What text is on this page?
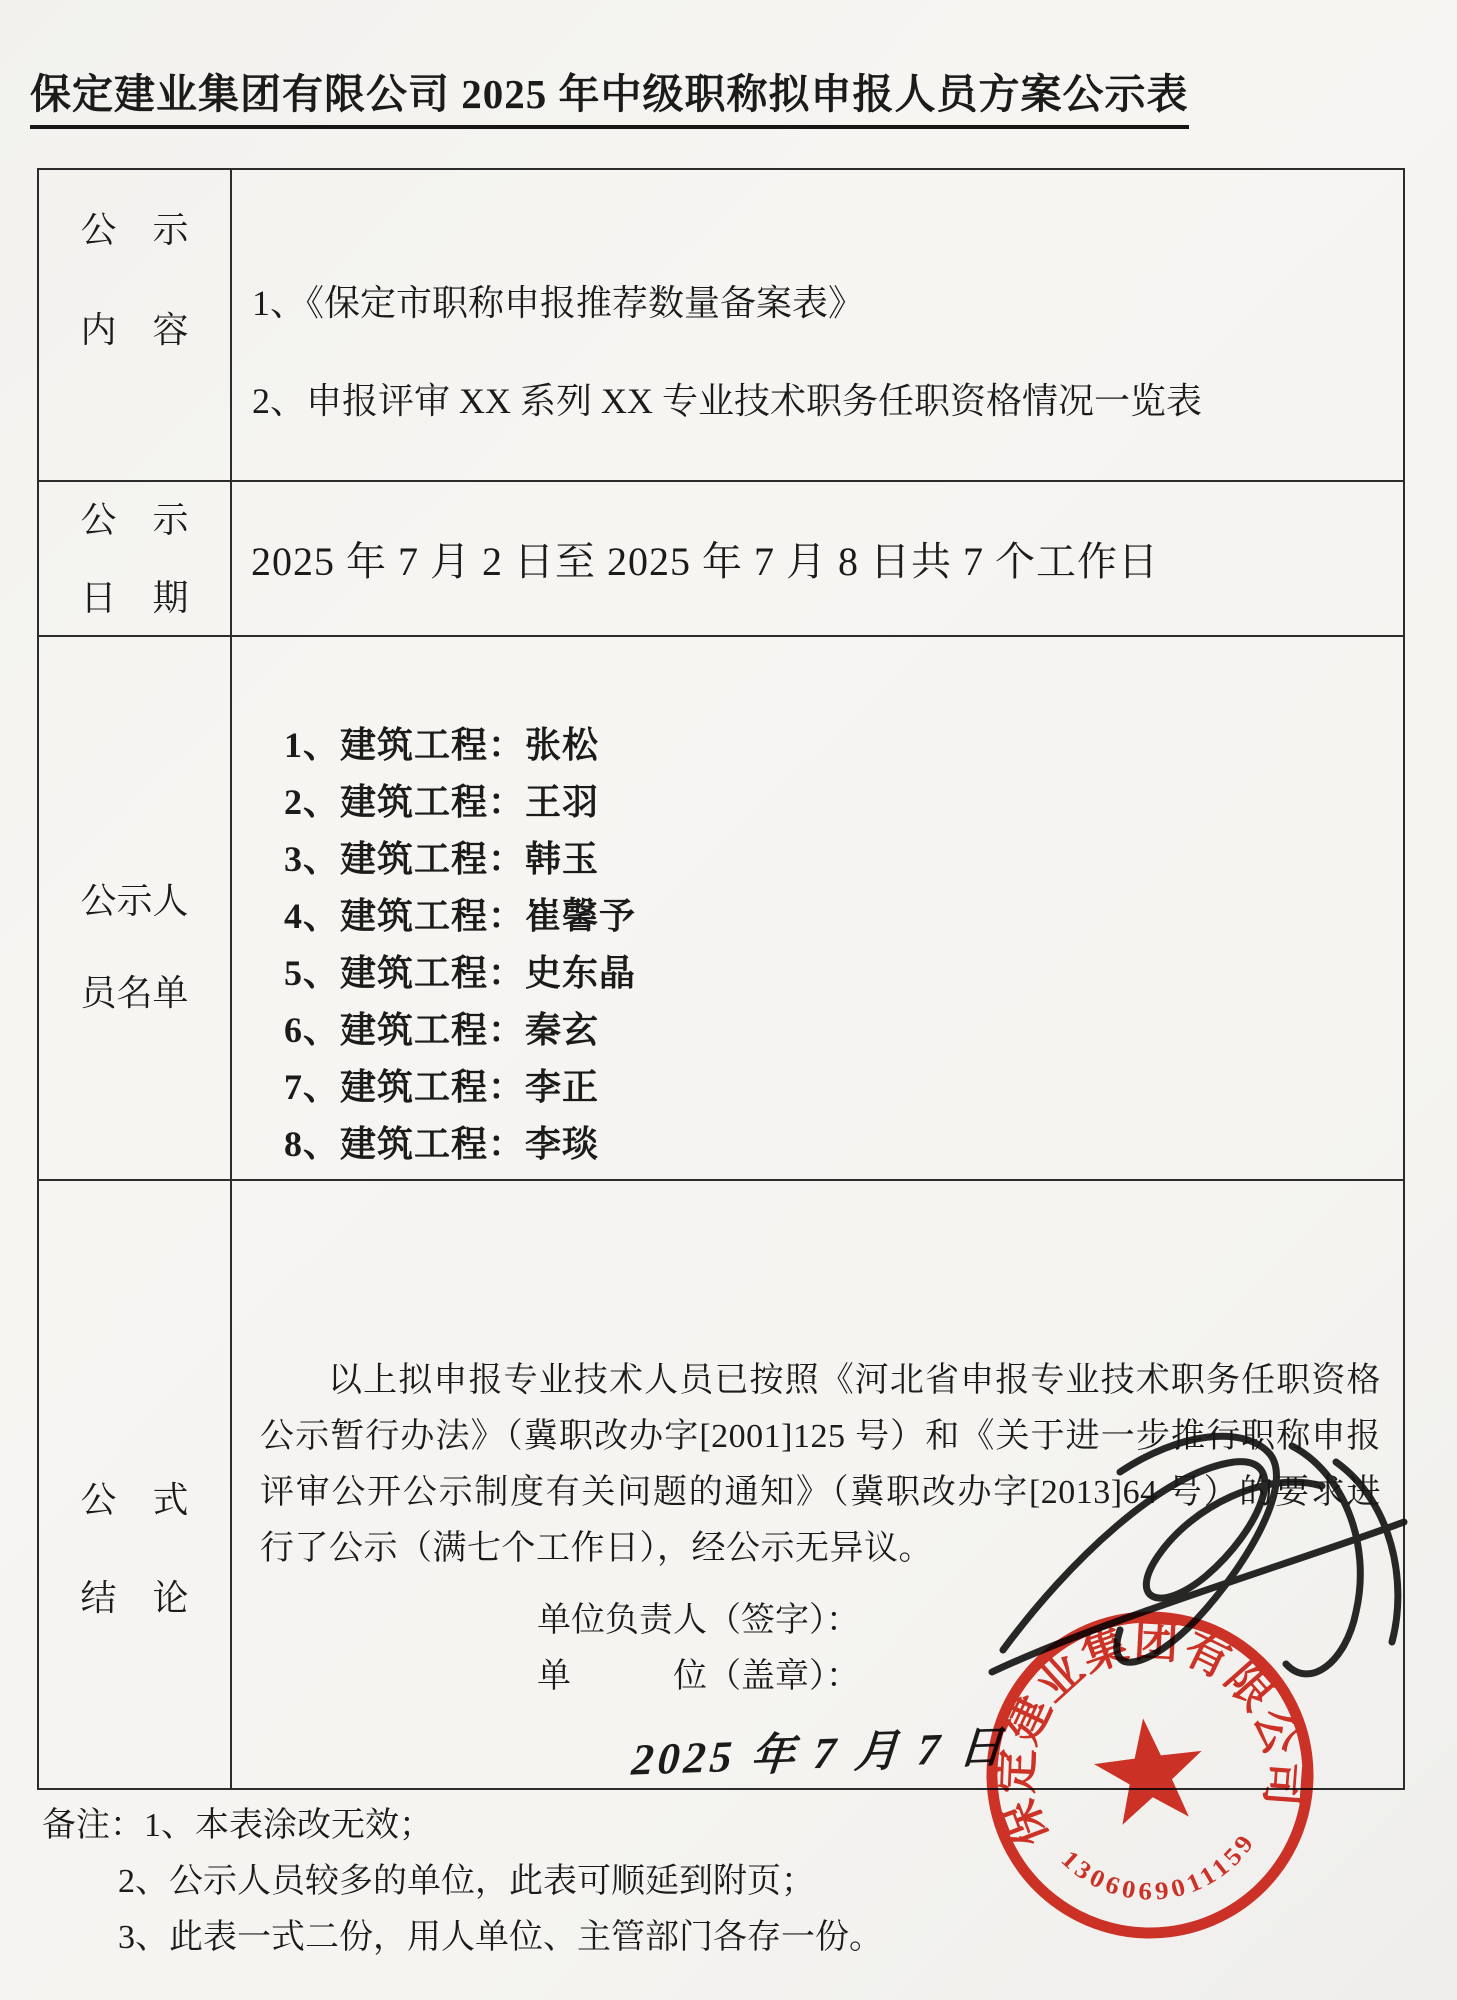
保定建业集团有限公司 2025 年中级职称拟申报人员方案公示表
公　示
内　容
1、《保定市职称申报推荐数量备案表》
2、申报评审 XX 系列 XX 专业技术职务任职资格情况一览表
公　示
日　期
2025 年 7 月 2 日至 2025 年 7 月 8 日共 7 个工作日
公示人
员名单
1、建筑工程：张松
2、建筑工程：王羽
3、建筑工程：韩玉
4、建筑工程：崔馨予
5、建筑工程：史东晶
6、建筑工程：秦玄
7、建筑工程：李正
8、建筑工程：李琰
公　式
结　论

以上拟申报专业技术人员已按照《河北省申报专业技术职务任职资格公示暂行办法》（冀职改办字[2001]125 号）和《关于进一步推行职称申报评审公开公示制度有关问题的通知》（冀职改办字[2013]64 号）的要求进行了公示（满七个工作日），经公示无异议。

单位负责人（签字）：
单　　　位（盖章）：
2025 年 7 月 7 日
备注：1、本表涂改无效；
2、公示人员较多的单位，此表可顺延到附页；
3、此表一式二份，用人单位、主管部门各存一份。
保定建业集团有限公司
1306069011159
